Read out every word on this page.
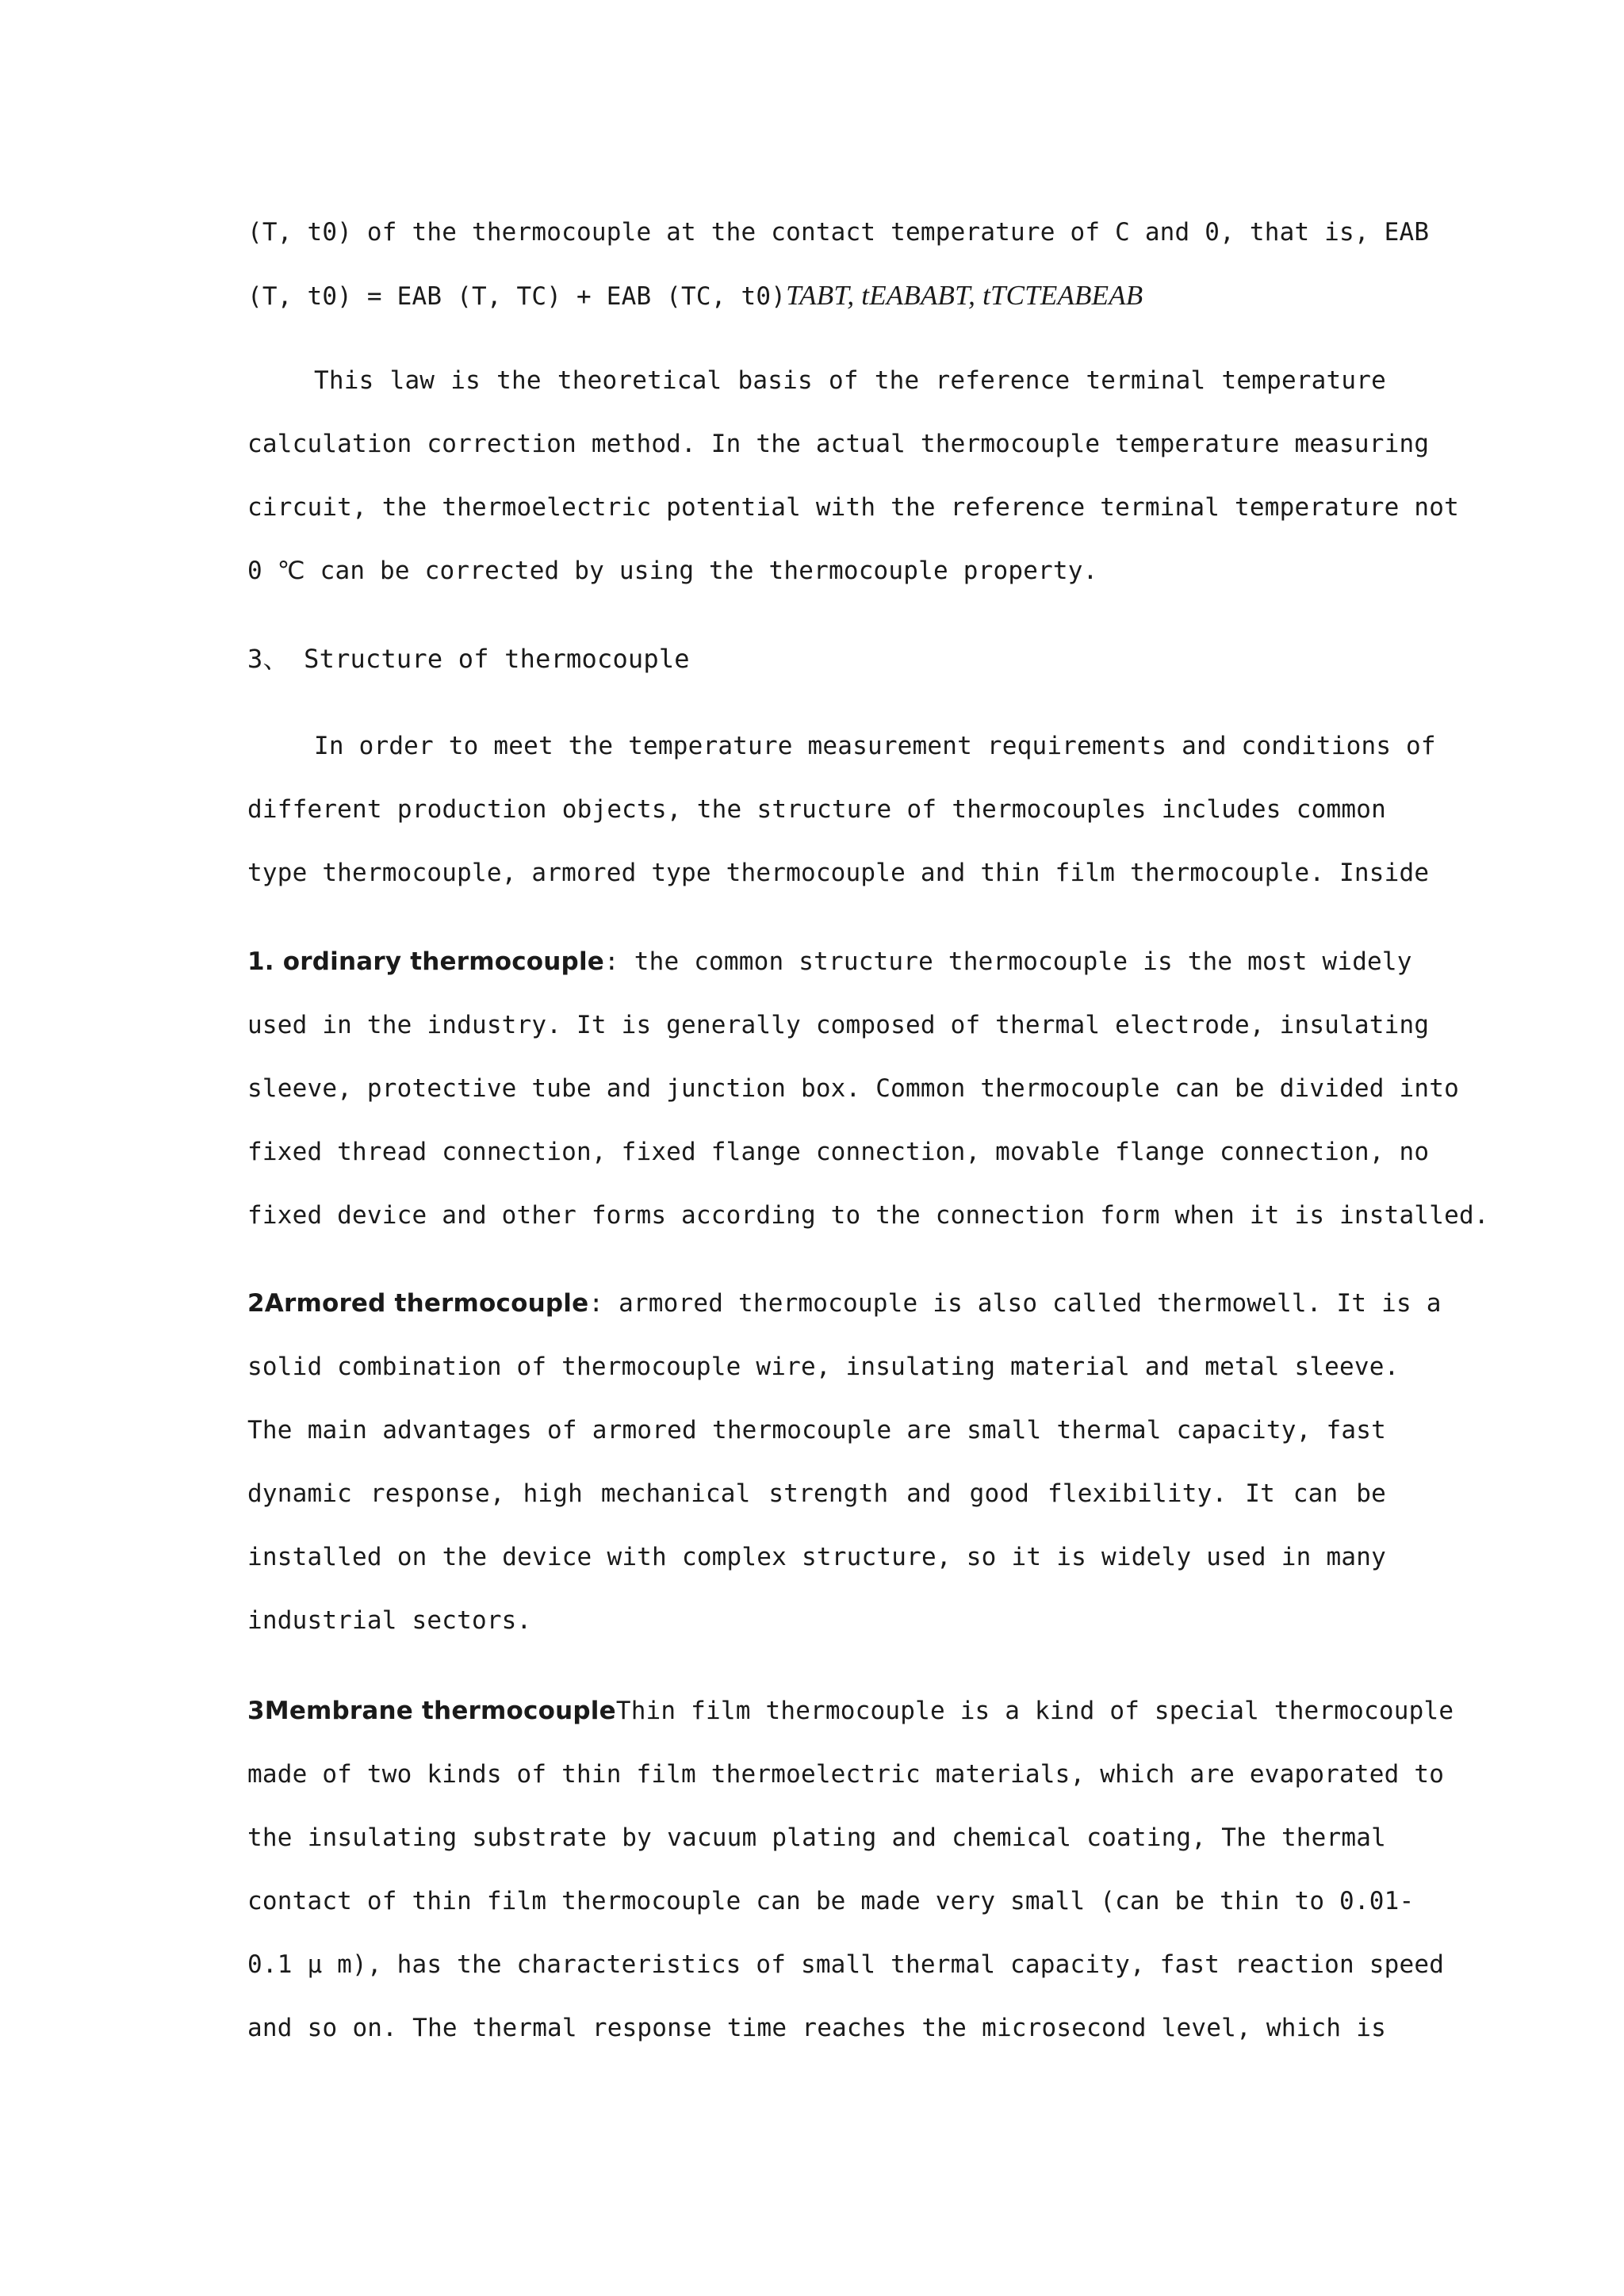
(T, t0) of the thermocouple at the contact temperature of C and 0, that is, EAB
(T, t0) = EAB (T, TC) + EAB (TC, t0)TABT, tEABABT, tTCTEABEAB
This law is the theoretical basis of the reference terminal temperature
calculation correction method. In the actual thermocouple temperature measuring
circuit, the thermoelectric potential with the reference terminal temperature not
0 ℃ can be corrected by using the thermocouple property.
3、 Structure of thermocouple
In order to meet the temperature measurement requirements and conditions of
different production objects, the structure of thermocouples includes common
type thermocouple, armored type thermocouple and thin film thermocouple. Inside
1. ordinary thermocouple: the common structure thermocouple is the most widely
used in the industry. It is generally composed of thermal electrode, insulating
sleeve, protective tube and junction box. Common thermocouple can be divided into
fixed thread connection, fixed flange connection, movable flange connection, no
fixed device and other forms according to the connection form when it is installed.
2Armored thermocouple: armored thermocouple is also called thermowell. It is a
solid combination of thermocouple wire, insulating material and metal sleeve.
The main advantages of armored thermocouple are small thermal capacity, fast
dynamic response, high mechanical strength and good flexibility. It can be
installed on the device with complex structure, so it is widely used in many
industrial sectors.
3Membrane thermocoupleThin film thermocouple is a kind of special thermocouple
made of two kinds of thin film thermoelectric materials, which are evaporated to
the insulating substrate by vacuum plating and chemical coating, The thermal
contact of thin film thermocouple can be made very small (can be thin to 0.01-
0.1 μ m), has the characteristics of small thermal capacity, fast reaction speed
and so on. The thermal response time reaches the microsecond level, which is
